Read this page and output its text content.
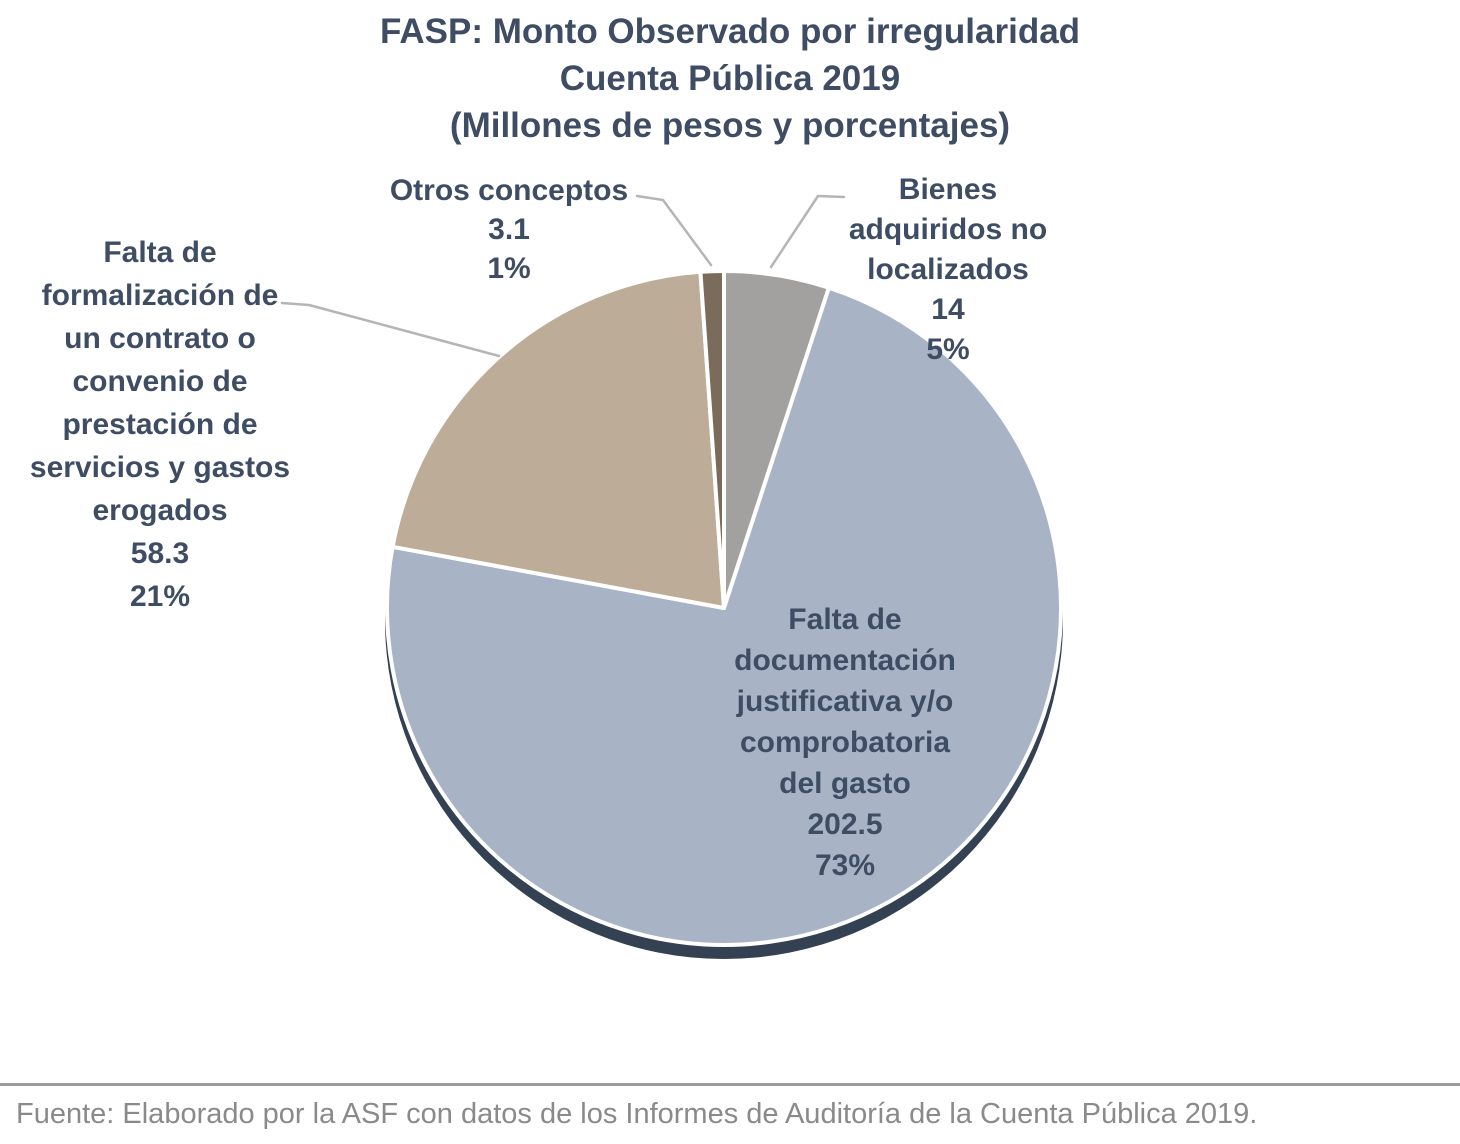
FASP: Monto Observado por irregularidad
Cuenta Pública 2019
(Millones de pesos y porcentajes)
Otros conceptos
3.1
1%
Bienes
adquiridos no
localizados
14
5%
Falta de
formalización de
un contrato o
convenio de
prestación de
servicios y gastos
erogados
58.3
21%
Falta de
documentación
justificativa y/o
comprobatoria
del gasto
202.5
73%
Fuente: Elaborado por la ASF con datos de los Informes de Auditoría de la Cuenta Pública 2019.
